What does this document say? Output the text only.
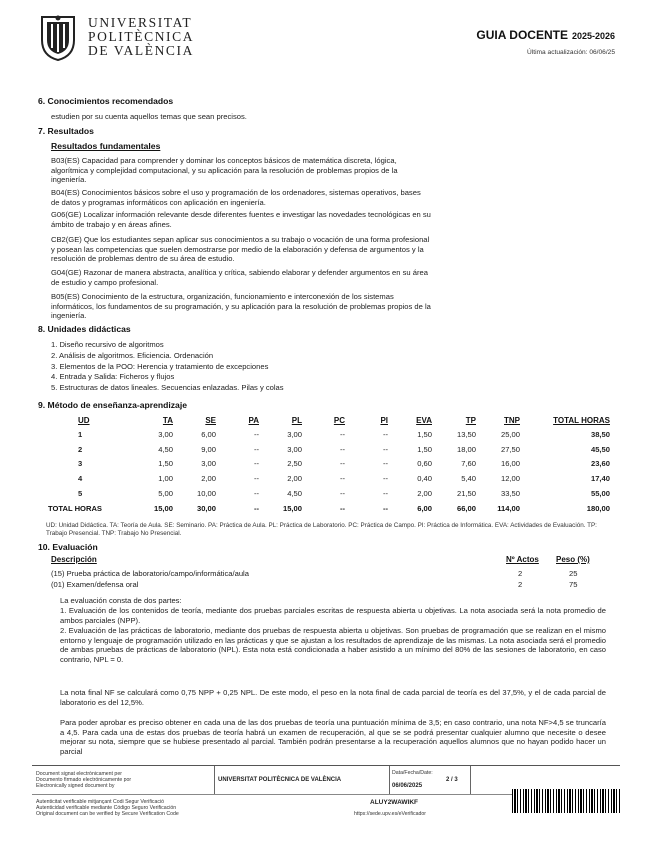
UNIVERSITAT
POLITÈCNICA
DE VALÈNCIA
GUIA DOCENTE 2025-2026
Última actualización: 06/06/25
6. Conocimientos recomendados
estudien por su cuenta aquellos temas que sean precisos.
7. Resultados
Resultados fundamentales
B03(ES) Capacidad para comprender y dominar los conceptos básicos de matemática discreta, lógica, algorítmica y complejidad computacional, y su aplicación para la resolución de problemas propios de la ingeniería.
B04(ES) Conocimientos básicos sobre el uso y programación de los ordenadores, sistemas operativos, bases de datos y programas informáticos con aplicación en ingeniería.
G06(GE) Localizar información relevante desde diferentes fuentes e investigar las novedades tecnológicas en su ámbito de trabajo y en áreas afines.
CB2(GE) Que los estudiantes sepan aplicar sus conocimientos a su trabajo o vocación de una forma profesional y posean las competencias que suelen demostrarse por medio de la elaboración y defensa de argumentos y la resolución de problemas dentro de su área de estudio.
G04(GE) Razonar de manera abstracta, analítica y crítica, sabiendo elaborar y defender argumentos en su área de estudio y campo profesional.
B05(ES) Conocimiento de la estructura, organización, funcionamiento e interconexión de los sistemas informáticos, los fundamentos de su programación, y su aplicación para la resolución de problemas propios de la ingeniería.
8. Unidades didácticas
1. Diseño recursivo de algoritmos
2. Análisis de algoritmos. Eficiencia. Ordenación
3. Elementos de la POO: Herencia y tratamiento de excepciones
4. Entrada y Salida: Ficheros y flujos
5. Estructuras de datos lineales. Secuencias enlazadas. Pilas y colas
9. Método de enseñanza-aprendizaje
UD	TA	SE	PA	PL	PC	PI	EVA	TP	TNP	TOTAL HORAS
1	3,00	6,00	--	3,00	--	--	1,50	13,50	25,00	38,50
2	4,50	9,00	--	3,00	--	--	1,50	18,00	27,50	45,50
3	1,50	3,00	--	2,50	--	--	0,60	7,60	16,00	23,60
4	1,00	2,00	--	2,00	--	--	0,40	5,40	12,00	17,40
5	5,00	10,00	--	4,50	--	--	2,00	21,50	33,50	55,00
TOTAL HORAS	15,00	30,00	--	15,00	--	--	6,00	66,00	114,00	180,00
UD: Unidad Didáctica. TA: Teoría de Aula. SE: Seminario. PA: Práctica de Aula. PL: Práctica de Laboratorio. PC: Práctica de Campo. PI: Práctica de Informática. EVA: Actividades de Evaluación. TP: Trabajo Presencial. TNP: Trabajo No Presencial.
10. Evaluación
Descripción	Nº Actos Peso (%)
(15) Prueba práctica de laboratorio/campo/informática/aula	2	25
(01) Examen/defensa oral	2	75
La evaluación consta de dos partes:
1. Evaluación de los contenidos de teoría, mediante dos pruebas parciales escritas de respuesta abierta u objetivas. La nota asociada será la nota promedio de ambos parciales (NPP).
2. Evaluación de las prácticas de laboratorio, mediante dos pruebas de respuesta abierta u objetivas. Son pruebas de programación que se realizan en el mismo entorno y lenguaje de programación utilizado en las prácticas y que se ajustan a los resultados de aprendizaje de las mismas. La nota asociada será el promedio de ambas pruebas de prácticas de laboratorio (NPL). Esta nota está condicionada a haber asistido a un mínimo del 80% de las sesiones de laboratorio, en caso contrario, NPL = 0.
La nota final NF se calculará como 0,75 NPP + 0,25 NPL. De este modo, el peso en la nota final de cada parcial de teoría es del 37,5%, y el de cada parcial de laboratorio es del 12,5%.
Para poder aprobar es preciso obtener en cada una de las dos pruebas de teoría una puntuación mínima de 3,5; en caso contrario, una nota NF>4,5 se truncaría a 4,5. Para cada una de estas dos pruebas de teoría habrá un examen de recuperación, al que se se podrá presentar cualquier alumno que necesite o desee mejorar su nota, siempre que se hubiese presentado al parcial. También podrán presentarse a la recuperación aquellos alumnos que no hayan podido hacer un parcial
Document signat electrònicament per
Documento firmado electrónicamente por
Electronically signed document by
UNIVERSITAT POLITÈCNICA DE VALÈNCIA
Data/Fecha/Date:
06/06/2025
2 / 3
Autenticitat verificable mitjançant Codi Segur Verificació
Autenticidad verificable mediante Código Seguro Verificación
Original document can be verified by Secure Verification Code
ALUY2WAWIKF
https://sede.upv.es/eVerificador
